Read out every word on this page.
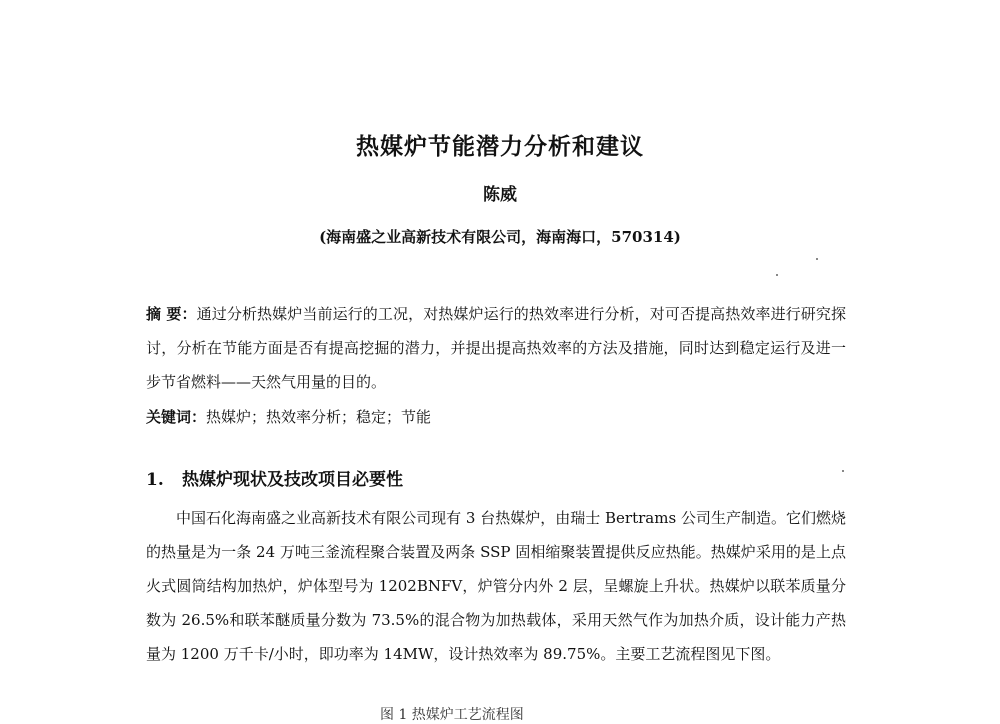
热媒炉节能潜力分析和建议
陈威
(海南盛之业高新技术有限公司，海南海口，570314)
摘 要：通过分析热媒炉当前运行的工况，对热媒炉运行的热效率进行分析，对可否提高热效率进行研究探讨，分析在节能方面是否有提高挖掘的潜力，并提出提高热效率的方法及措施，同时达到稳定运行及进一步节省燃料——天然气用量的目的。
关键词：热媒炉；热效率分析；稳定；节能
1. 热媒炉现状及技改项目必要性
中国石化海南盛之业高新技术有限公司现有 3 台热媒炉，由瑞士 Bertrams 公司生产制造。它们燃烧的热量是为一条 24 万吨三釜流程聚合装置及两条 SSP 固相缩聚装置提供反应热能。热媒炉采用的是上点火式圆筒结构加热炉，炉体型号为 1202BNFV，炉管分内外 2 层，呈螺旋上升状。热媒炉以联苯质量分数为 26.5%和联苯醚质量分数为 73.5%的混合物为加热载体，采用天然气作为加热介质，设计能力产热量为 1200 万千卡/小时，即功率为 14MW，设计热效率为 89.75%。主要工艺流程图见下图。
图 1 热媒炉工艺流程图
